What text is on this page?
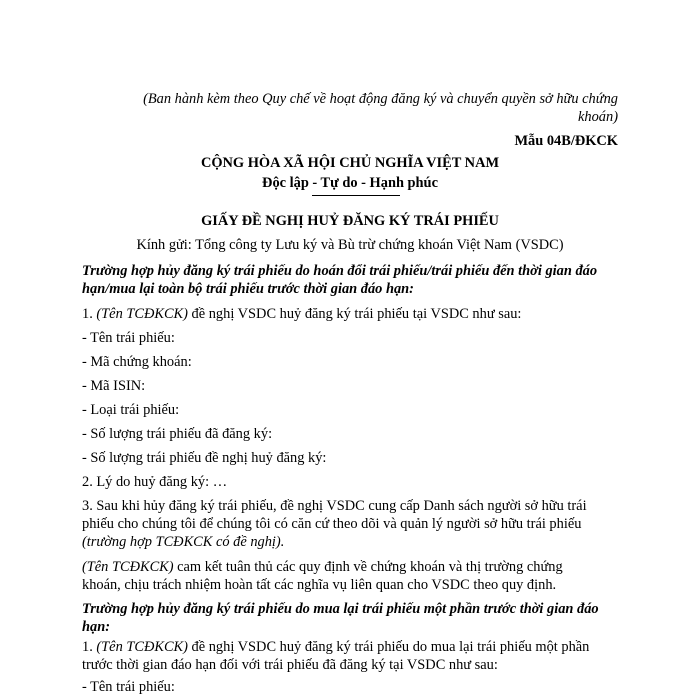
(Ban hành kèm theo Quy chế về hoạt động đăng ký và chuyển quyền sở hữu chứng
khoán)

Mẫu 04B/ĐKCK

CỘNG HÒA XÃ HỘI CHỦ NGHĨA VIỆT NAM

Độc lập - Tự do - Hạnh phúc

GIẤY ĐỀ NGHỊ HUỶ ĐĂNG KÝ TRÁI PHIẾU

Kính gửi: Tổng công ty Lưu ký và Bù trừ chứng khoán Việt Nam (VSDC)

Trường hợp hủy đăng ký trái phiếu do hoán đổi trái phiếu/trái phiếu đến thời gian đáo
hạn/mua lại toàn bộ trái phiếu trước thời gian đáo hạn:

1. (Tên TCĐKCK) đề nghị VSDC huỷ đăng ký trái phiếu tại VSDC như sau:

- Tên trái phiếu:

- Mã chứng khoán:

- Mã ISIN:

- Loại trái phiếu:

- Số lượng trái phiếu đã đăng ký:

- Số lượng trái phiếu đề nghị huỷ đăng ký:

2. Lý do huỷ đăng ký: …

3. Sau khi hủy đăng ký trái phiếu, đề nghị VSDC cung cấp Danh sách người sở hữu trái
phiếu cho chúng tôi để chúng tôi có căn cứ theo dõi và quản lý người sở hữu trái phiếu
(trường hợp TCĐKCK có đề nghị).

(Tên TCĐKCK) cam kết tuân thủ các quy định về chứng khoán và thị trường chứng
khoán, chịu trách nhiệm hoàn tất các nghĩa vụ liên quan cho VSDC theo quy định.

Trường hợp hủy đăng ký trái phiếu do mua lại trái phiếu một phần trước thời gian đáo
hạn:

1. (Tên TCĐKCK) đề nghị VSDC huỷ đăng ký trái phiếu do mua lại trái phiếu một phần
trước thời gian đáo hạn đối với trái phiếu đã đăng ký tại VSDC như sau:

- Tên trái phiếu:
